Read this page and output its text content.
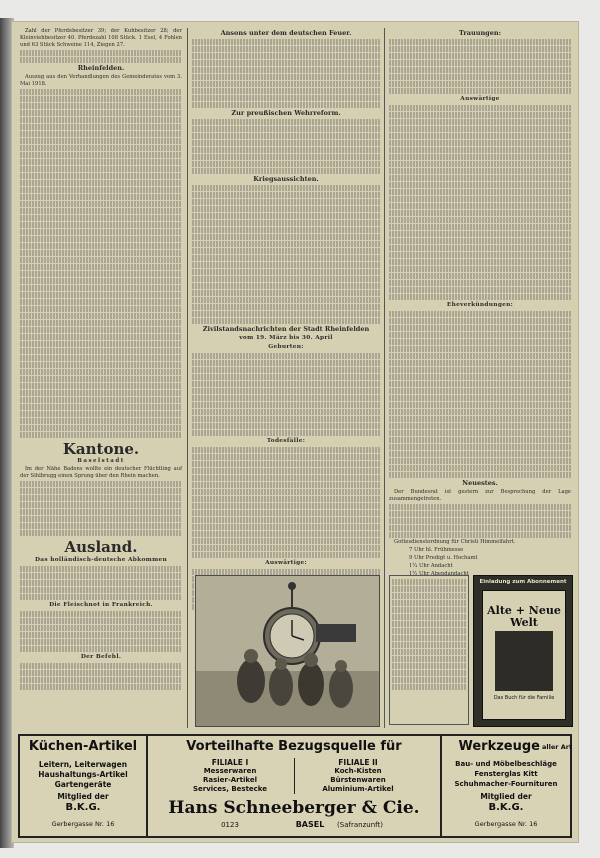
Zahl der Pferdebesitzer 39; der Kuhbesitzer 28; der Kleinviehbesitzer 40. Pferdezahl 108 Stück. 1 Esel, 4 Fohlen und 63 Stück Schweine 114, Ziegen 27.

Rheinfelden.

Auszug aus den Verhandlungen des Gemeinderates vom 3. Mai 1918.

Kantone.

Baselstadt

Im der Nähe Badens wollte ein deutscher Flüchtling auf der Sihlbrugg einen Sprung über den Rhein machen.

Ausland.

Das holländisch-deutsche Abkommen

Die Fleischnot in Frankreich.

Der Befehl.

Ansons unter dem deutschen Feuer.

Zur preußischen Wehrreform.

Kriegsaussichten.

Zivilstandsnachrichten der Stadt Rheinfelden

vom 19. März bis 30. April

Geburten:

Todesfälle:

Auswärtige:

Trauungen:

Auswärtige

Eheverkündungen:

Neuestes.

Der Bundesrat ist gestern zur Besprechung der Lage zusammengetreten.

Gottesdienstordnung für Christi Himmelfahrt.

7 Uhr hl. Frühmesse

9 Uhr Predigt u. Hochamt

1¼ Uhr Andacht

1½ Uhr Abendandacht

Einladung zum Abonnement
Alte + Neue Welt
Das Buch für die Familie
Küchen-Artikel
Leitern, Leiterwagen
Haushaltungs-Artikel
Gartengeräte
Mitglied der
B.K.G.
Gerbergasse Nr. 16
Vorteilhafte Bezugsquelle für
FILIALE I
Messerwaren
Rasier-Artikel
Services, Bestecke
FILIALE II
Koch-Kisten
Bürstenwaren
Aluminium-Artikel
Hans Schneeberger & Cie.
0123	BASEL	(Safranzunft)
Werkzeuge aller Art
Bau- und Möbelbeschläge
Fensterglas Kitt
Schuhmacher-Fournituren
Mitglied der
B.K.G.
Gerbergasse Nr. 16
